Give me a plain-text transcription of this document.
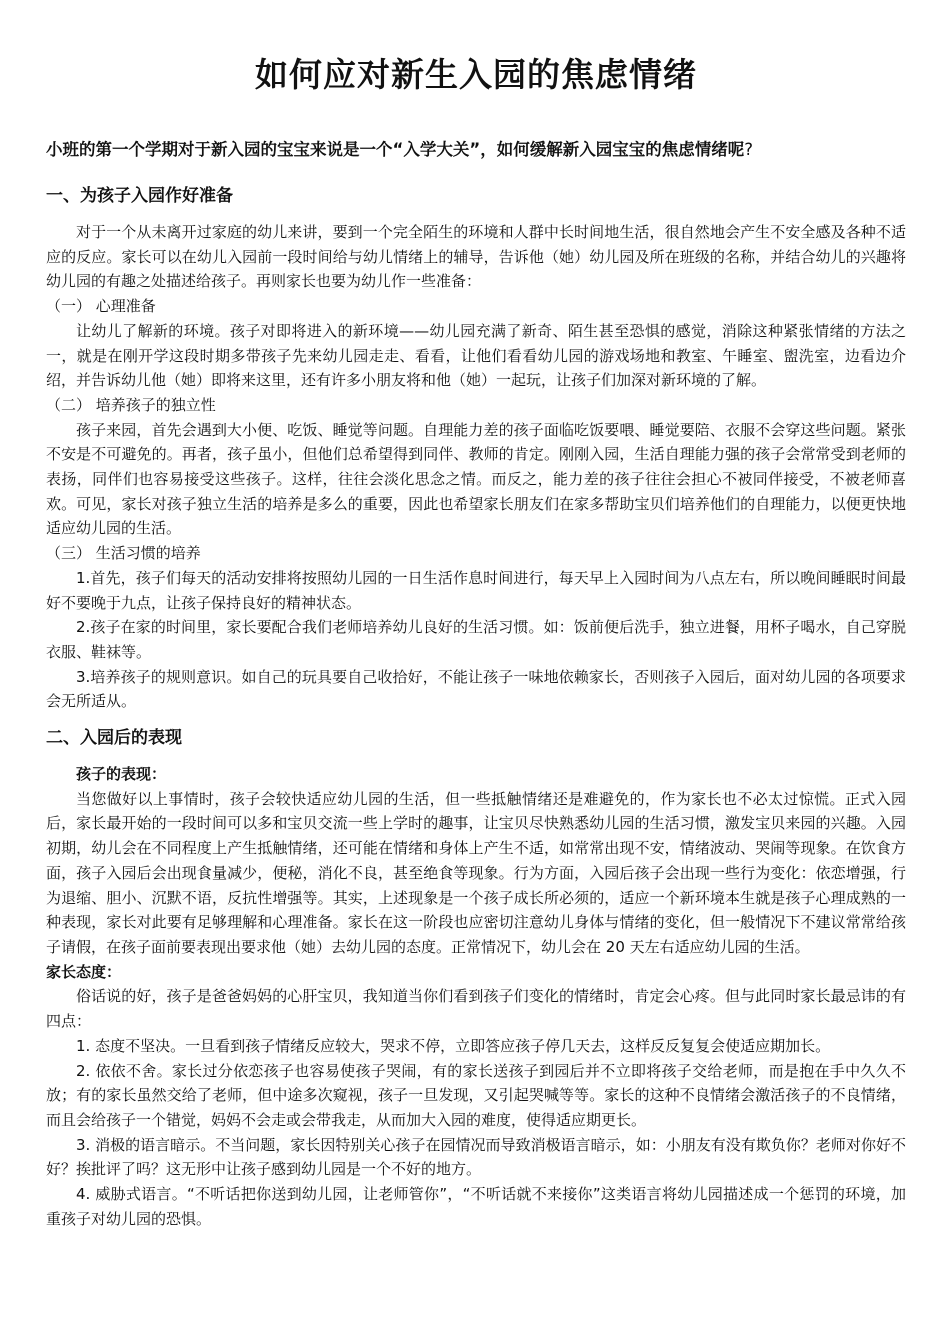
如何应对新生入园的焦虑情绪

小班的第一个学期对于新入园的宝宝来说是一个“入学大关”，如何缓解新入园宝宝的焦虑情绪呢?

一、为孩子入园作好准备

对于一个从未离开过家庭的幼儿来讲，要到一个完全陌生的环境和人群中长时间地生活，很自然地会产生不安全感及各种不适应的反应。家长可以在幼儿入园前一段时间给与幼儿情绪上的辅导，告诉他（她）幼儿园及所在班级的名称，并结合幼儿的兴趣将幼儿园的有趣之处描述给孩子。再则家长也要为幼儿作一些准备：

（一） 心理准备

让幼儿了解新的环境。孩子对即将进入的新环境——幼儿园充满了新奇、陌生甚至恐惧的感觉，消除这种紧张情绪的方法之一，就是在刚开学这段时期多带孩子先来幼儿园走走、看看，让他们看看幼儿园的游戏场地和教室、午睡室、盥洗室，边看边介绍，并告诉幼儿他（她）即将来这里，还有许多小朋友将和他（她）一起玩，让孩子们加深对新环境的了解。

（二） 培养孩子的独立性

孩子来园，首先会遇到大小便、吃饭、睡觉等问题。自理能力差的孩子面临吃饭要喂、睡觉要陪、衣服不会穿这些问题。紧张不安是不可避免的。再者，孩子虽小，但他们总希望得到同伴、教师的肯定。刚刚入园，生活自理能力强的孩子会常常受到老师的表扬，同伴们也容易接受这些孩子。这样，往往会淡化思念之情。而反之，能力差的孩子往往会担心不被同伴接受，不被老师喜欢。可见，家长对孩子独立生活的培养是多么的重要，因此也希望家长朋友们在家多帮助宝贝们培养他们的自理能力，以便更快地适应幼儿园的生活。

（三） 生活习惯的培养

1.首先，孩子们每天的活动安排将按照幼儿园的一日生活作息时间进行，每天早上入园时间为八点左右，所以晚间睡眠时间最好不要晚于九点，让孩子保持良好的精神状态。

2.孩子在家的时间里，家长要配合我们老师培养幼儿良好的生活习惯。如：饭前便后洗手，独立进餐，用杯子喝水，自己穿脱衣服、鞋袜等。

3.培养孩子的规则意识。如自己的玩具要自己收拾好，不能让孩子一味地依赖家长，否则孩子入园后，面对幼儿园的各项要求会无所适从。

二、入园后的表现

孩子的表现：

当您做好以上事情时，孩子会较快适应幼儿园的生活，但一些抵触情绪还是难避免的，作为家长也不必太过惊慌。正式入园后，家长最开始的一段时间可以多和宝贝交流一些上学时的趣事，让宝贝尽快熟悉幼儿园的生活习惯，激发宝贝来园的兴趣。入园初期，幼儿会在不同程度上产生抵触情绪，还可能在情绪和身体上产生不适，如常常出现不安，情绪波动、哭闹等现象。在饮食方面，孩子入园后会出现食量减少，便秘，消化不良，甚至绝食等现象。行为方面，入园后孩子会出现一些行为变化：依恋增强，行为退缩、胆小、沉默不语，反抗性增强等。其实，上述现象是一个孩子成长所必须的，适应一个新环境本生就是孩子心理成熟的一种表现，家长对此要有足够理解和心理准备。家长在这一阶段也应密切注意幼儿身体与情绪的变化，但一般情况下不建议常常给孩子请假，在孩子面前要表现出要求他（她）去幼儿园的态度。正常情况下，幼儿会在 20 天左右适应幼儿园的生活。

家长态度：

俗话说的好，孩子是爸爸妈妈的心肝宝贝，我知道当你们看到孩子们变化的情绪时，肯定会心疼。但与此同时家长最忌讳的有四点：

1. 态度不坚决。一旦看到孩子情绪反应较大，哭求不停，立即答应孩子停几天去，这样反反复复会使适应期加长。

2. 依依不舍。家长过分依恋孩子也容易使孩子哭闹，有的家长送孩子到园后并不立即将孩子交给老师，而是抱在手中久久不放；有的家长虽然交给了老师，但中途多次窥视，孩子一旦发现，又引起哭喊等等。家长的这种不良情绪会激活孩子的不良情绪，而且会给孩子一个错觉，妈妈不会走或会带我走，从而加大入园的难度，使得适应期更长。

3. 消极的语言暗示。不当问题，家长因特别关心孩子在园情况而导致消极语言暗示，如：小朋友有没有欺负你？老师对你好不好？挨批评了吗？这无形中让孩子感到幼儿园是一个不好的地方。

4. 威胁式语言。“不听话把你送到幼儿园，让老师管你”，“不听话就不来接你”这类语言将幼儿园描述成一个惩罚的环境，加重孩子对幼儿园的恐惧。
